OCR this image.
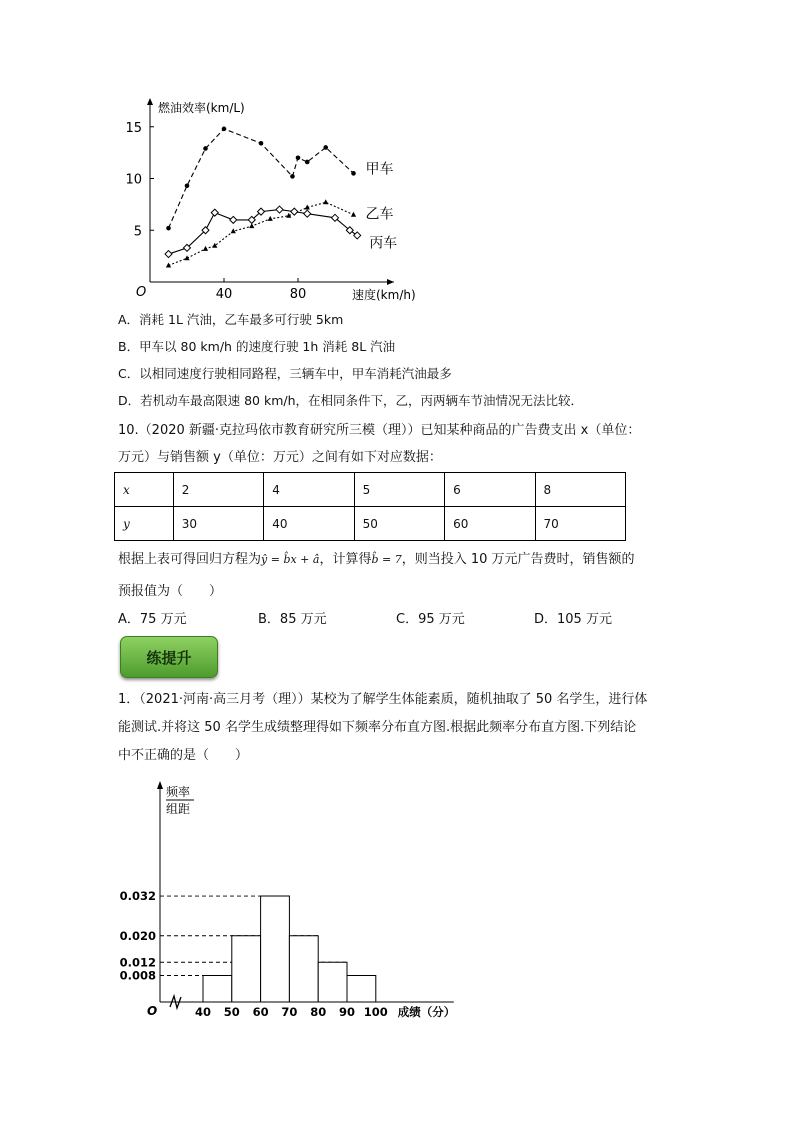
燃油效率(km/L)
速度(km/h)
O
5
10
15
40	80
甲车
乙车
丙车
A．消耗 1L 汽油，乙车最多可行驶 5km
B．甲车以 80 km/h 的速度行驶 1h 消耗 8L 汽油
C．以相同速度行驶相同路程，三辆车中，甲车消耗汽油最多
D．若机动车最高限速 80 km/h，在相同条件下，乙，丙两辆车节油情况无法比较．
10.（2020 新疆·克拉玛依市教育研究所三模（理））已知某种商品的广告费支出 x（单位：
万元）与销售额 y（单位：万元）之间有如下对应数据：
x	2	4	5	6	8
y	30	40	50	60	70
根据上表可得回归方程为ŷ = b̂x + â，计算得b̂ = 7，则当投入 10 万元广告费时，销售额的
预报值为（　　）
A．75 万元	B．85 万元	C．95 万元	D．105 万元
练提升
1．（2021·河南·高三月考（理））某校为了解学生体能素质，随机抽取了 50 名学生，进行体
能测试.并将这 50 名学生成绩整理得如下频率分布直方图.根据此频率分布直方图.下列结论
中不正确的是（　　）
频率
组距
O
0.032
0.020
0.012
0.008
40 50 60 70 80 90 100 成绩（分）
